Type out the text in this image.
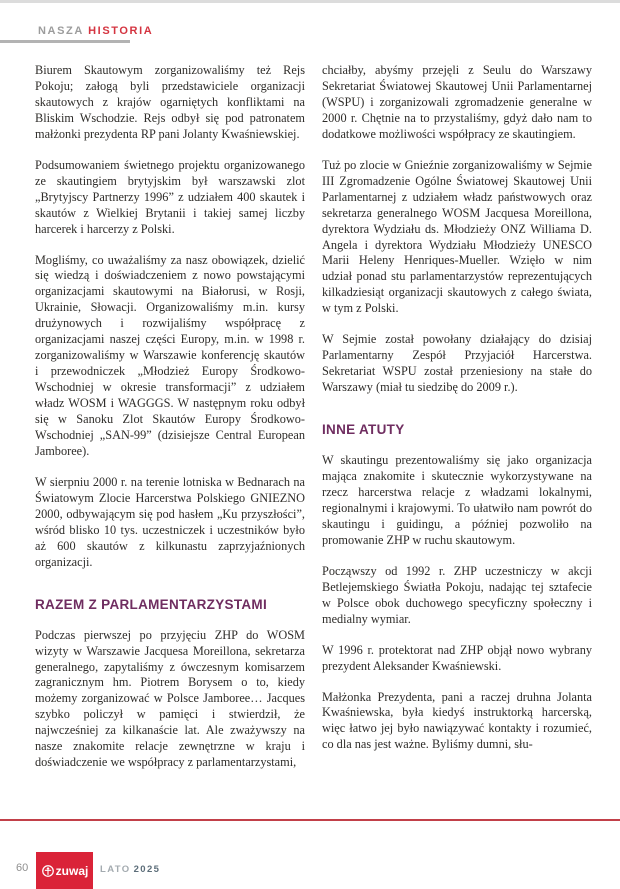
NASZA HISTORIA

Biurem Skautowym zorganizowaliśmy też Rejs Pokoju; załogą byli przedstawiciele organizacji skautowych z krajów ogarniętych konfliktami na Bliskim Wschodzie. Rejs odbył się pod patronatem małżonki prezydenta RP pani Jolanty Kwaśniewskiej.

Podsumowaniem świetnego projektu organizowanego ze skautingiem brytyjskim był warszawski zlot „Brytyjscy Partnerzy 1996” z udziałem 400 skautek i skautów z Wielkiej Brytanii i takiej samej liczby harcerek i harcerzy z Polski.

Mogliśmy, co uważaliśmy za nasz obowiązek, dzielić się wiedzą i doświadczeniem z nowo powstającymi organizacjami skautowymi na Białorusi, w Rosji, Ukrainie, Słowacji. Organizowaliśmy m.in. kursy drużynowych i rozwijaliśmy współpracę z organizacjami naszej części Europy, m.in. w 1998 r. zorganizowaliśmy w Warszawie konferencję skautów i przewodniczek „Młodzież Europy Środkowo-Wschodniej w okresie transformacji” z udziałem władz WOSM i WAGGGS. W następnym roku odbył się w Sanoku Zlot Skautów Europy Środkowo-Wschodniej „SAN-99” (dzisiejsze Central European Jamboree).

W sierpniu 2000 r. na terenie lotniska w Bednarach na Światowym Zlocie Harcerstwa Polskiego GNIEZNO 2000, odbywającym się pod hasłem „Ku przyszłości”, wśród blisko 10 tys. uczestniczek i uczestników było aż 600 skautów z kilkunastu zaprzyjaźnionych organizacji.

RAZEM Z PARLAMENTARZYSTAMI

Podczas pierwszej po przyjęciu ZHP do WOSM wizyty w Warszawie Jacquesa Moreillona, sekretarza generalnego, zapytaliśmy z ówczesnym komisarzem zagranicznym hm. Piotrem Borysem o to, kiedy możemy zorganizować w Polsce Jamboree… Jacques szybko policzył w pamięci i stwierdził, że najwcześniej za kilkanaście lat. Ale zważywszy na nasze znakomite relacje zewnętrzne w kraju i doświadczenie we współpracy z parlamentarzystami,

chciałby, abyśmy przejęli z Seulu do Warszawy Sekretariat Światowej Skautowej Unii Parlamentarnej (WSPU) i zorganizowali zgromadzenie generalne w 2000 r. Chętnie na to przystaliśmy, gdyż dało nam to dodatkowe możliwości współpracy ze skautingiem.

Tuż po zlocie w Gnieźnie zorganizowaliśmy w Sejmie III Zgromadzenie Ogólne Światowej Skautowej Unii Parlamentarnej z udziałem władz państwowych oraz sekretarza generalnego WOSM Jacquesa Moreillona, dyrektora Wydziału ds. Młodzieży ONZ Williama D. Angela i dyrektora Wydziału Młodzieży UNESCO Marii Heleny Henriques-Mueller. Wzięło w nim udział ponad stu parlamentarzystów reprezentujących kilkadziesiąt organizacji skautowych z całego świata, w tym z Polski.

W Sejmie został powołany działający do dzisiaj Parlamentarny Zespół Przyjaciół Harcerstwa. Sekretariat WSPU został przeniesiony na stałe do Warszawy (miał tu siedzibę do 2009 r.).

INNE ATUTY

W skautingu prezentowaliśmy się jako organizacja mająca znakomite i skutecznie wykorzystywane na rzecz harcerstwa relacje z władzami lokalnymi, regionalnymi i krajowymi. To ułatwiło nam powrót do skautingu i guidingu, a później pozwoliło na promowanie ZHP w ruchu skautowym.

Począwszy od 1992 r. ZHP uczestniczy w akcji Betlejemskiego Światła Pokoju, nadając tej sztafecie w Polsce obok duchowego specyficzny społeczny i medialny wymiar.

W 1996 r. protektorat nad ZHP objął nowo wybrany prezydent Aleksander Kwaśniewski.

Małżonka Prezydenta, pani a raczej druhna Jolanta Kwaśniewska, była kiedyś instruktorką harcerską, więc łatwo jej było nawiązywać kontakty i rozumieć, co dla nas jest ważne. Byliśmy dumni, słu-

60 zuwaj LATO 2025
